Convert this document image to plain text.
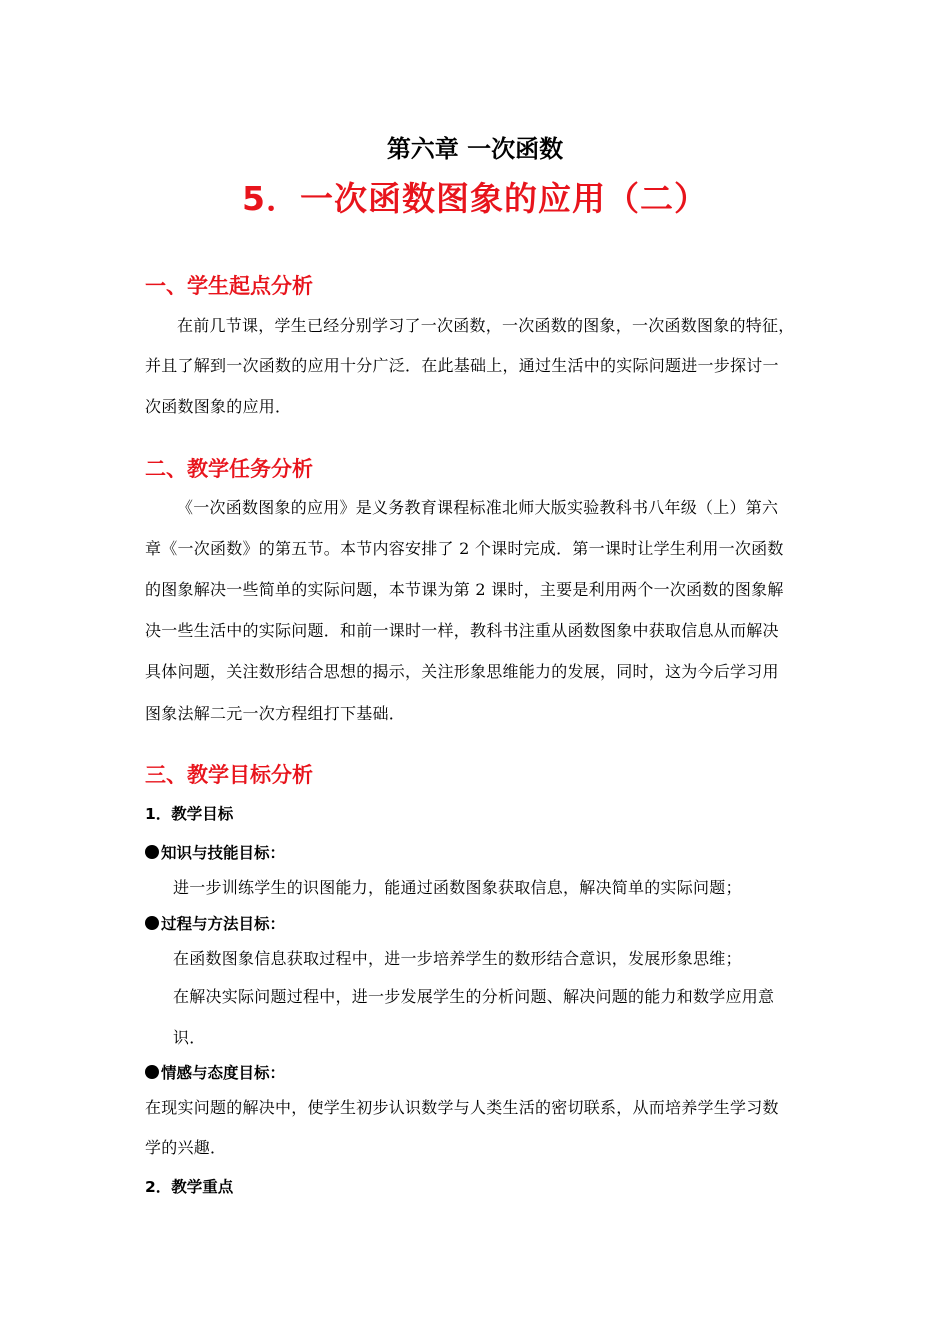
第六章 一次函数
5．一次函数图象的应用（二）
一、学生起点分析
在前几节课，学生已经分别学习了一次函数，一次函数的图象，一次函数图象的特征，
并且了解到一次函数的应用十分广泛．在此基础上，通过生活中的实际问题进一步探讨一
次函数图象的应用．
二、教学任务分析
《一次函数图象的应用》是义务教育课程标准北师大版实验教科书八年级（上）第六
章《一次函数》的第五节。本节内容安排了 2 个课时完成．第一课时让学生利用一次函数
的图象解决一些简单的实际问题，本节课为第 2 课时，主要是利用两个一次函数的图象解
决一些生活中的实际问题．和前一课时一样，教科书注重从函数图象中获取信息从而解决
具体问题，关注数形结合思想的揭示，关注形象思维能力的发展，同时，这为今后学习用
图象法解二元一次方程组打下基础．
三、教学目标分析
1．教学目标
知识与技能目标：
进一步训练学生的识图能力，能通过函数图象获取信息，解决简单的实际问题；
过程与方法目标：
在函数图象信息获取过程中，进一步培养学生的数形结合意识，发展形象思维；
在解决实际问题过程中，进一步发展学生的分析问题、解决问题的能力和数学应用意
识．
情感与态度目标：
在现实问题的解决中，使学生初步认识数学与人类生活的密切联系，从而培养学生学习数
学的兴趣．
2．教学重点
